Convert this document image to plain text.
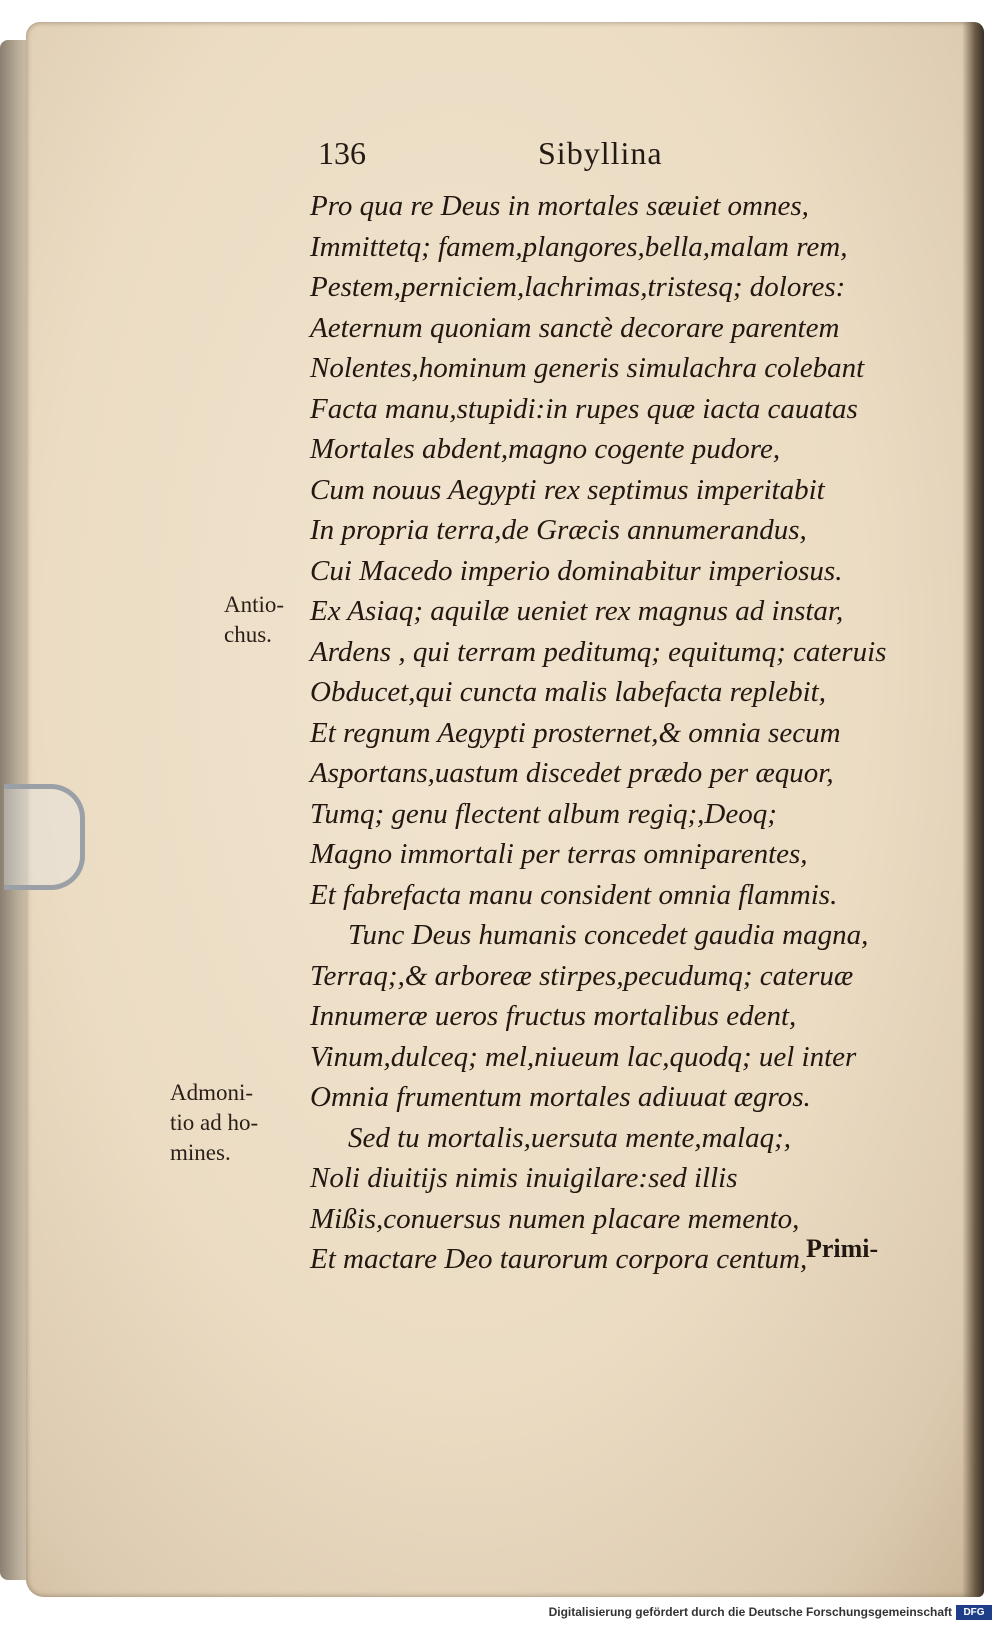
136	Sibyllina
Pro qua re Deus in mortales sæuiet omnes,
Immittetq; famem,plangores,bella,malam rem,
Pestem,perniciem,lachrimas,tristesq; dolores:
Aeternum quoniam sanctè decorare parentem
Nolentes,hominum generis simulachra colebant
Facta manu,stupidi:in rupes quæ iacta cauatas
Mortales abdent,magno cogente pudore,
Cum nouus Aegypti rex septimus imperitabit
In propria terra,de Græcis annumerandus,
Cui Macedo imperio dominabitur imperiosus.
Ex Asiaq; aquilæ ueniet rex magnus ad instar,
Ardens , qui terram peditumq; equitumq; cateruis
Obducet,qui cuncta malis labefacta replebit,
Et regnum Aegypti prosternet,& omnia secum
Asportans,uastum discedet prædo per æquor,
Tumq; genu flectent album regiq;,Deoq;
Magno immortali per terras omniparentes,
Et fabrefacta manu consident omnia flammis.
Tunc Deus humanis concedet gaudia magna,
Terraq;,& arboreæ stirpes,pecudumq; cateruæ
Innumeræ ueros fructus mortalibus edent,
Vinum,dulceq; mel,niueum lac,quodq; uel inter
Omnia frumentum mortales adiuuat ægros.
Sed tu mortalis,uersuta mente,malaq;,
Noli diuitijs nimis inuigilare:sed illis
Mißis,conuersus numen placare memento,
Et mactare Deo taurorum corpora centum,
Primi-
Antio-
chus.
Admoni-
tio ad ho-
mines.
Digitalisierung gefördert durch die Deutsche Forschungsgemeinschaft	DFG
